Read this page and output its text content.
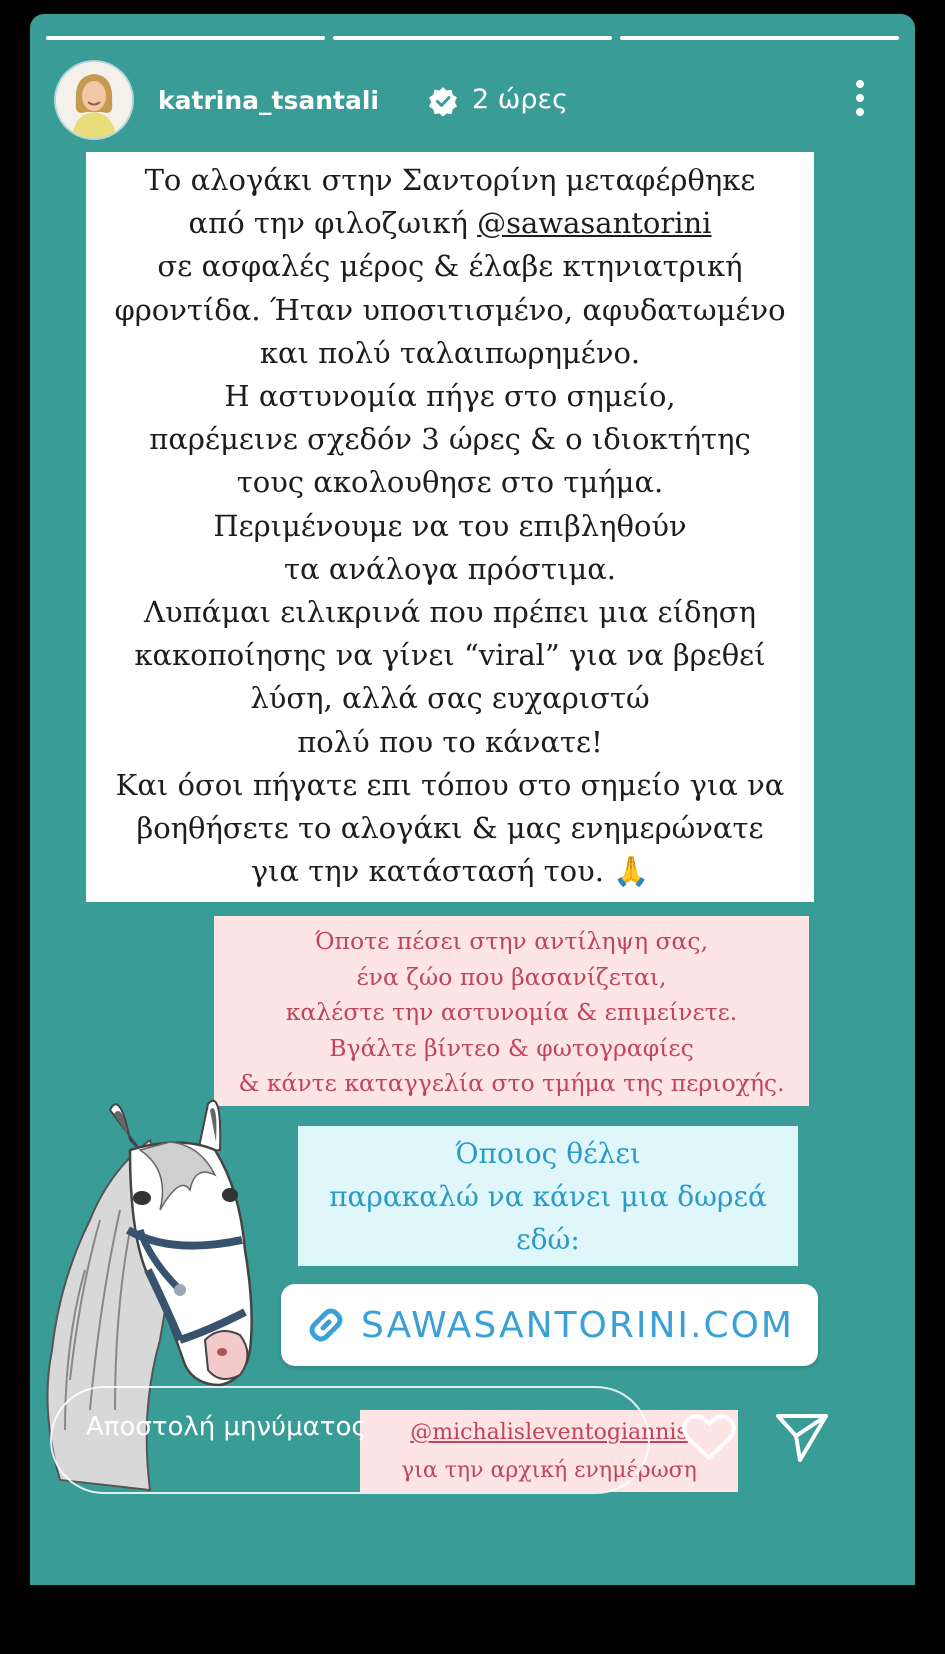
katrina_tsantali	2 ώρες
Το αλογάκι στην Σαντορίνη μεταφέρθηκε
από την φιλοζωική @sawasantorini
σε ασφαλές μέρος & έλαβε κτηνιατρική
φροντίδα. Ήταν υποσιτισμένο, αφυδατωμένο
και πολύ ταλαιπωρημένο.
Η αστυνομία πήγε στο σημείο,
παρέμεινε σχεδόν 3 ώρες & ο ιδιοκτήτης
τους ακολουθησε στο τμήμα.
Περιμένουμε να του επιβληθούν
τα ανάλογα πρόστιμα.
Λυπάμαι ειλικρινά που πρέπει μια είδηση
κακοποίησης να γίνει “viral” για να βρεθεί
λύση, αλλά σας ευχαριστώ
πολύ που το κάνατε!
Και όσοι πήγατε επι τόπου στο σημείο για να
βοηθήσετε το αλογάκι & μας ενημερώνατε
για την κατάστασή του. 🙏
Όποτε πέσει στην αντίληψη σας,
ένα ζώο που βασανίζεται,
καλέστε την αστυνομία & επιμείνετε.
Βγάλτε βίντεο & φωτογραφίες
& κάντε καταγγελία στο τμήμα της περιοχής.
Όποιος θέλει
παρακαλώ να κάνει μια δωρεά
εδώ:
SAWASANTORINI.COM
@michalisleventogiannis
για την αρχική ενημέρωση
Αποστολή μηνύματος
